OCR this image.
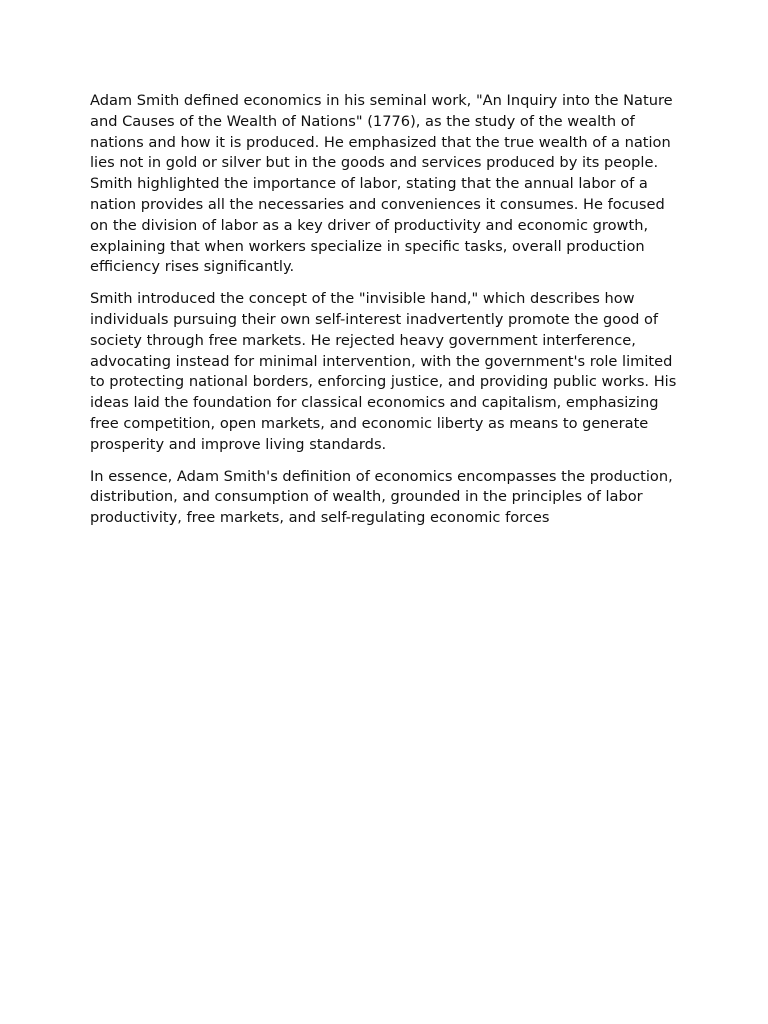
Adam Smith defined economics in his seminal work, "An Inquiry into the Nature and Causes of the Wealth of Nations" (1776), as the study of the wealth of nations and how it is produced. He emphasized that the true wealth of a nation lies not in gold or silver but in the goods and services produced by its people. Smith highlighted the importance of labor, stating that the annual labor of a nation provides all the necessaries and conveniences it consumes. He focused on the division of labor as a key driver of productivity and economic growth, explaining that when workers specialize in specific tasks, overall production efficiency rises significantly.

Smith introduced the concept of the "invisible hand," which describes how individuals pursuing their own self-interest inadvertently promote the good of society through free markets. He rejected heavy government interference, advocating instead for minimal intervention, with the government's role limited to protecting national borders, enforcing justice, and providing public works. His ideas laid the foundation for classical economics and capitalism, emphasizing free competition, open markets, and economic liberty as means to generate prosperity and improve living standards.

In essence, Adam Smith's definition of economics encompasses the production, distribution, and consumption of wealth, grounded in the principles of labor productivity, free markets, and self-regulating economic forces
